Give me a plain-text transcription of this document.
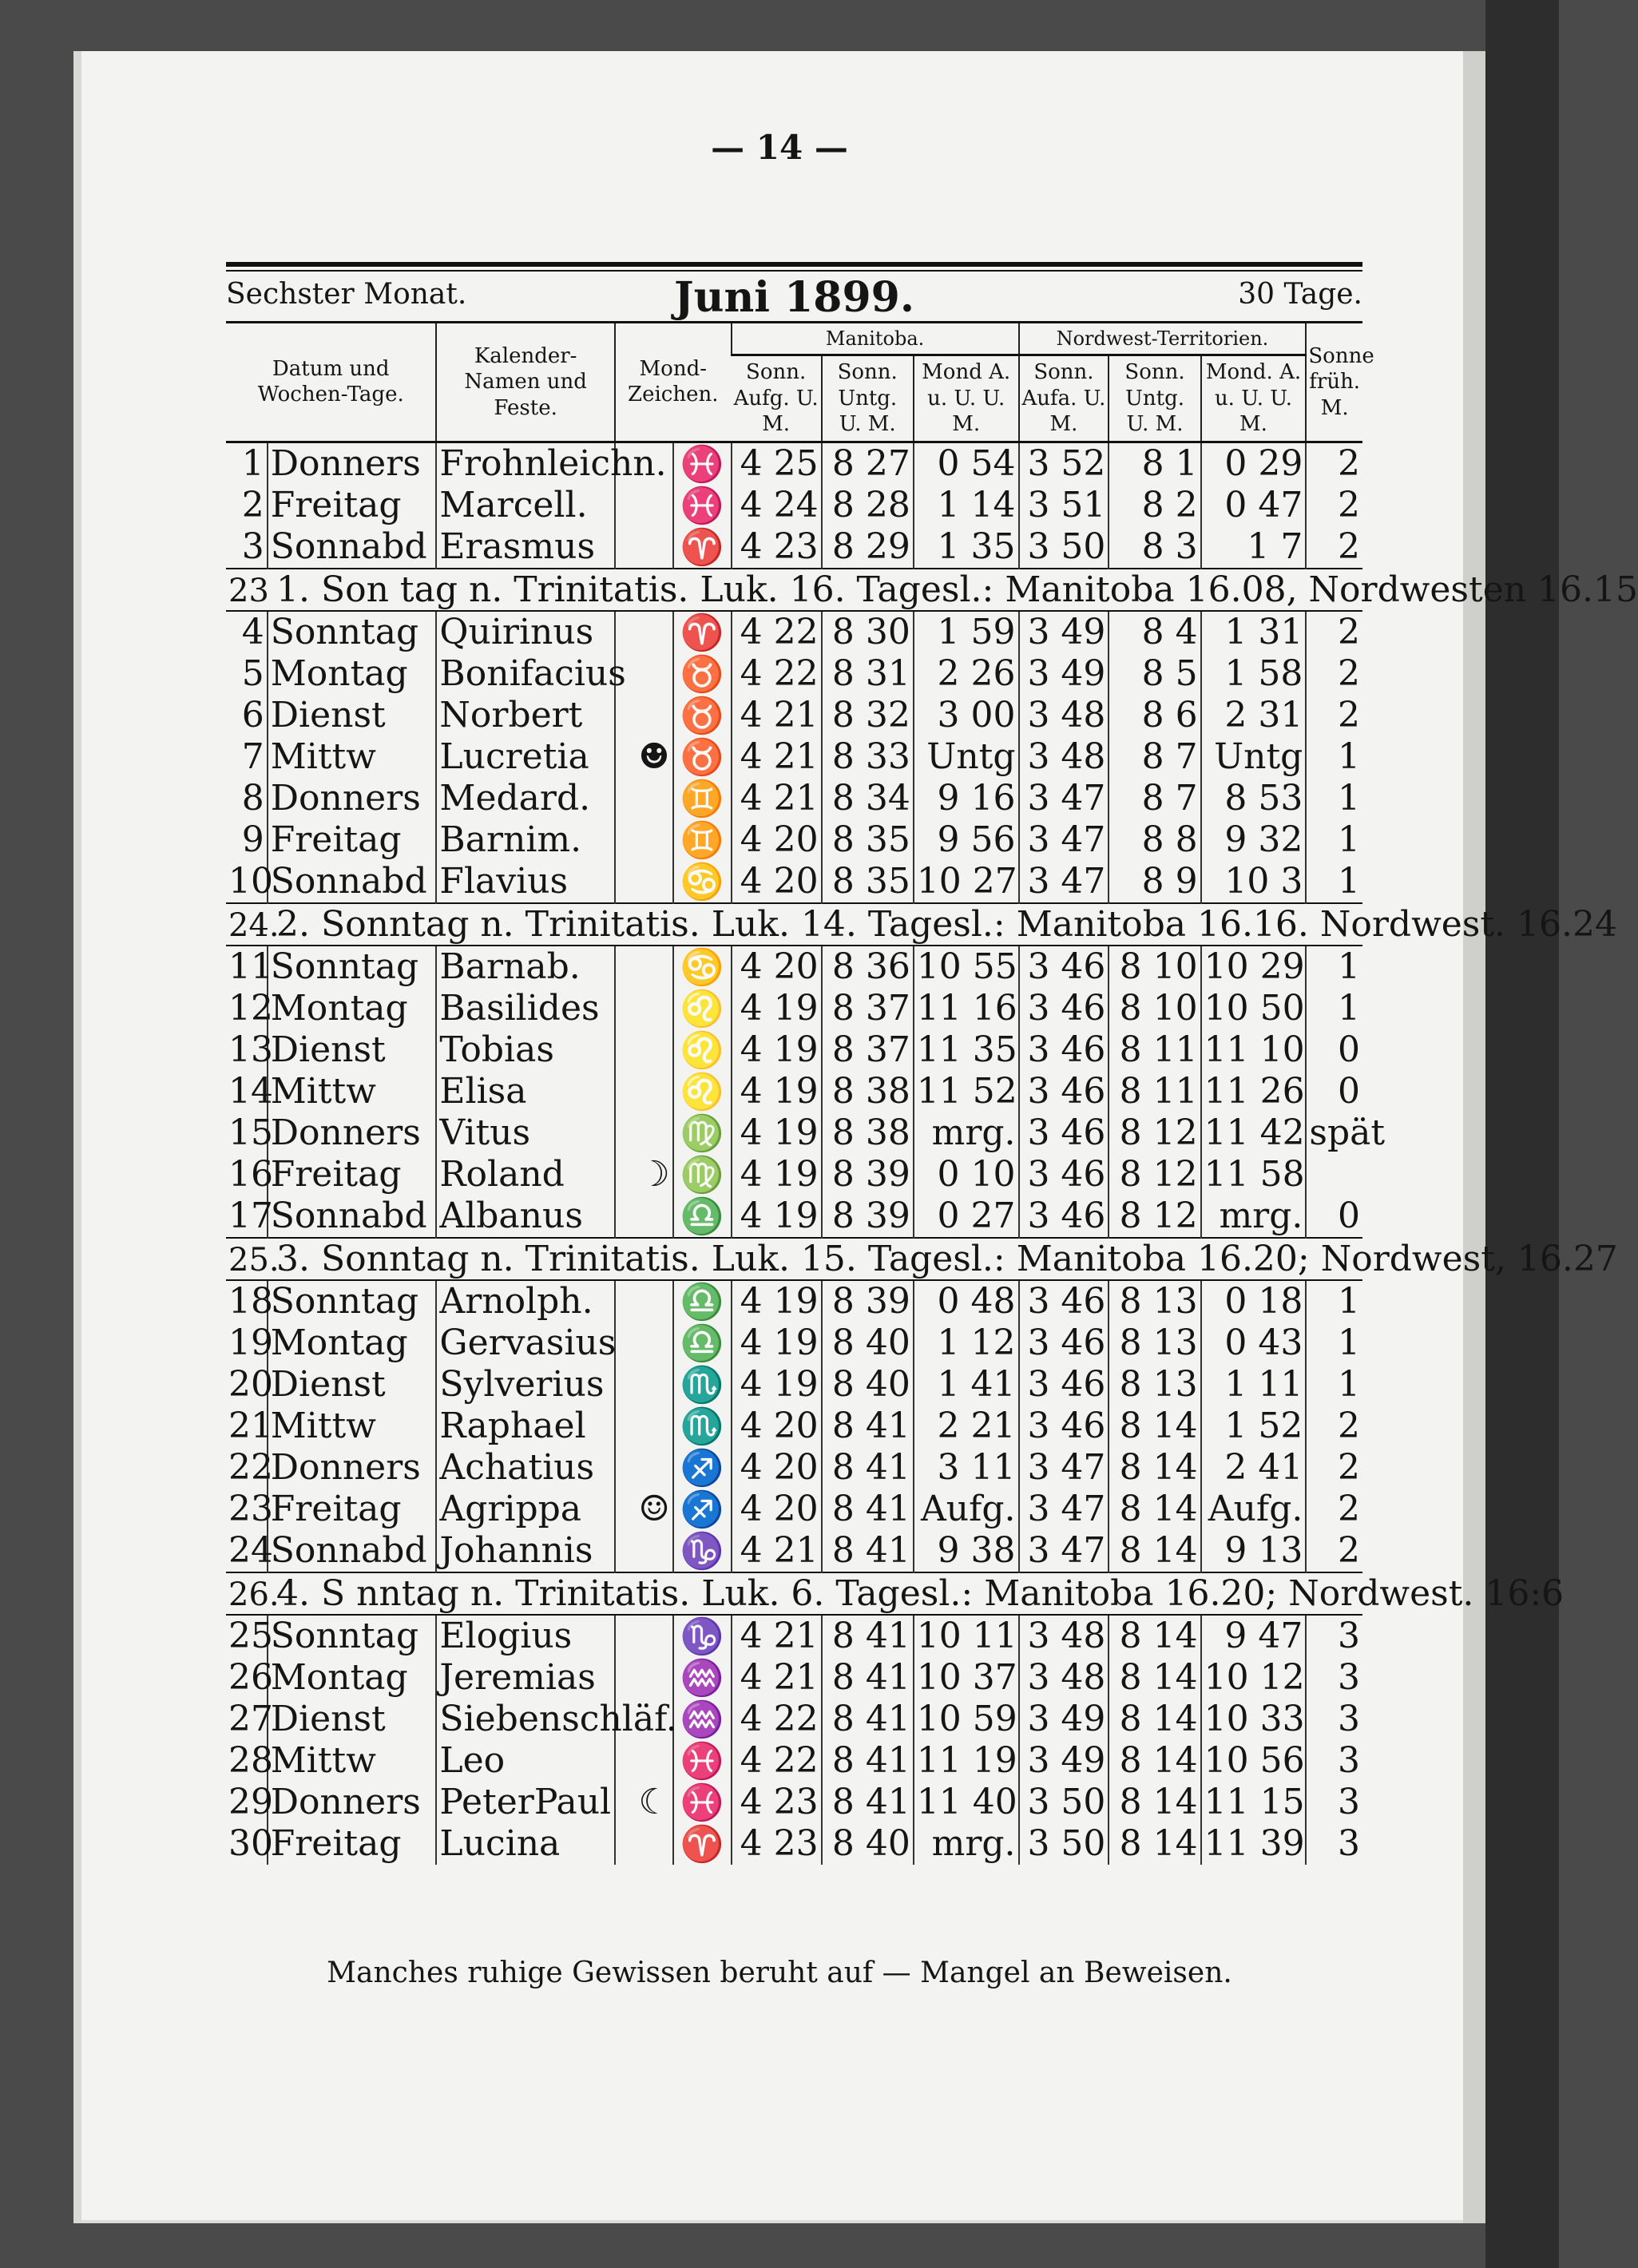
— 14 —
Sechster Monat.	Juni 1899.	30 Tage.
Datum und Wochen-Tage.		Kalender-Namen und Feste.	Mond-Zeichen.		Manitoba.			Nordwest-Territorien.			Sonne früh. M.
					Sonn. Aufg. U. M.	Sonn. Untg. U. M.	Mond A. u. U. U. M.	Sonn. Aufa. U. M.	Sonn. Untg. U. M.	Mond. A. u. U. U. M.	
1	Donners	Frohnleichn.		♓	4 25	8 27	0 54	3 52	8 1	0 29	2
2	Freitag	Marcell.		♓	4 24	8 28	1 14	3 51	8 2	0 47	2
3	Sonnabd	Erasmus		♈	4 23	8 29	1 35	3 50	8 3	1 7	2
23 1. Son tag n. Trinitatis. Luk. 16. Tagesl.: Manitoba 16.08, Nordwesten 16.15											
4	Sonntag	Quirinus		♈	4 22	8 30	1 59	3 49	8 4	1 31	2
5	Montag	Bonifacius		♉	4 22	8 31	2 26	3 49	8 5	1 58	2
6	Dienst	Norbert		♉	4 21	8 32	3 00	3 48	8 6	2 31	2
7	Mittw	Lucretia	☻	♉	4 21	8 33	Untg	3 48	8 7	Untg	1
8	Donners	Medard.		♊	4 21	8 34	9 16	3 47	8 7	8 53	1
9	Freitag	Barnim.		♊	4 20	8 35	9 56	3 47	8 8	9 32	1
10	Sonnabd	Flavius		♋	4 20	8 35	10 27	3 47	8 9	10 3	1
24.2. Sonntag n. Trinitatis. Luk. 14. Tagesl.: Manitoba 16.16. Nordwest. 16.24											
11	Sonntag	Barnab.		♋	4 20	8 36	10 55	3 46	8 10	10 29	1
12	Montag	Basilides		♌	4 19	8 37	11 16	3 46	8 10	10 50	1
13	Dienst	Tobias		♌	4 19	8 37	11 35	3 46	8 11	11 10	0
14	Mittw	Elisa		♌	4 19	8 38	11 52	3 46	8 11	11 26	0
15	Donners	Vitus		♍	4 19	8 38	mrg.	3 46	8 12	11 42	spät
16	Freitag	Roland	☽	♍	4 19	8 39	0 10	3 46	8 12	11 58	
17	Sonnabd	Albanus		♎	4 19	8 39	0 27	3 46	8 12	mrg.	0
25.3. Sonntag n. Trinitatis. Luk. 15. Tagesl.: Manitoba 16.20; Nordwest, 16.27											
18	Sonntag	Arnolph.		♎	4 19	8 39	0 48	3 46	8 13	0 18	1
19	Montag	Gervasius		♎	4 19	8 40	1 12	3 46	8 13	0 43	1
20	Dienst	Sylverius		♏	4 19	8 40	1 41	3 46	8 13	1 11	1
21	Mittw	Raphael		♏	4 20	8 41	2 21	3 46	8 14	1 52	2
22	Donners	Achatius		♐	4 20	8 41	3 11	3 47	8 14	2 41	2
23	Freitag	Agrippa	☺	♐	4 20	8 41	Aufg.	3 47	8 14	Aufg.	2
24	Sonnabd	Johannis		♑	4 21	8 41	9 38	3 47	8 14	9 13	2
26.4. S nntag n. Trinitatis. Luk. 6. Tagesl.: Manitoba 16.20; Nordwest. 16:6											
25	Sonntag	Elogius		♑	4 21	8 41	10 11	3 48	8 14	9 47	3
26	Montag	Jeremias		♒	4 21	8 41	10 37	3 48	8 14	10 12	3
27	Dienst	Siebenschläf.		♒	4 22	8 41	10 59	3 49	8 14	10 33	3
28	Mittw	Leo		♓	4 22	8 41	11 19	3 49	8 14	10 56	3
29	Donners	PeterPaul	☾	♓	4 23	8 41	11 40	3 50	8 14	11 15	3
30	Freitag	Lucina		♈	4 23	8 40	mrg.	3 50	8 14	11 39	3
Manches ruhige Gewissen beruht auf — Mangel an Beweisen.
